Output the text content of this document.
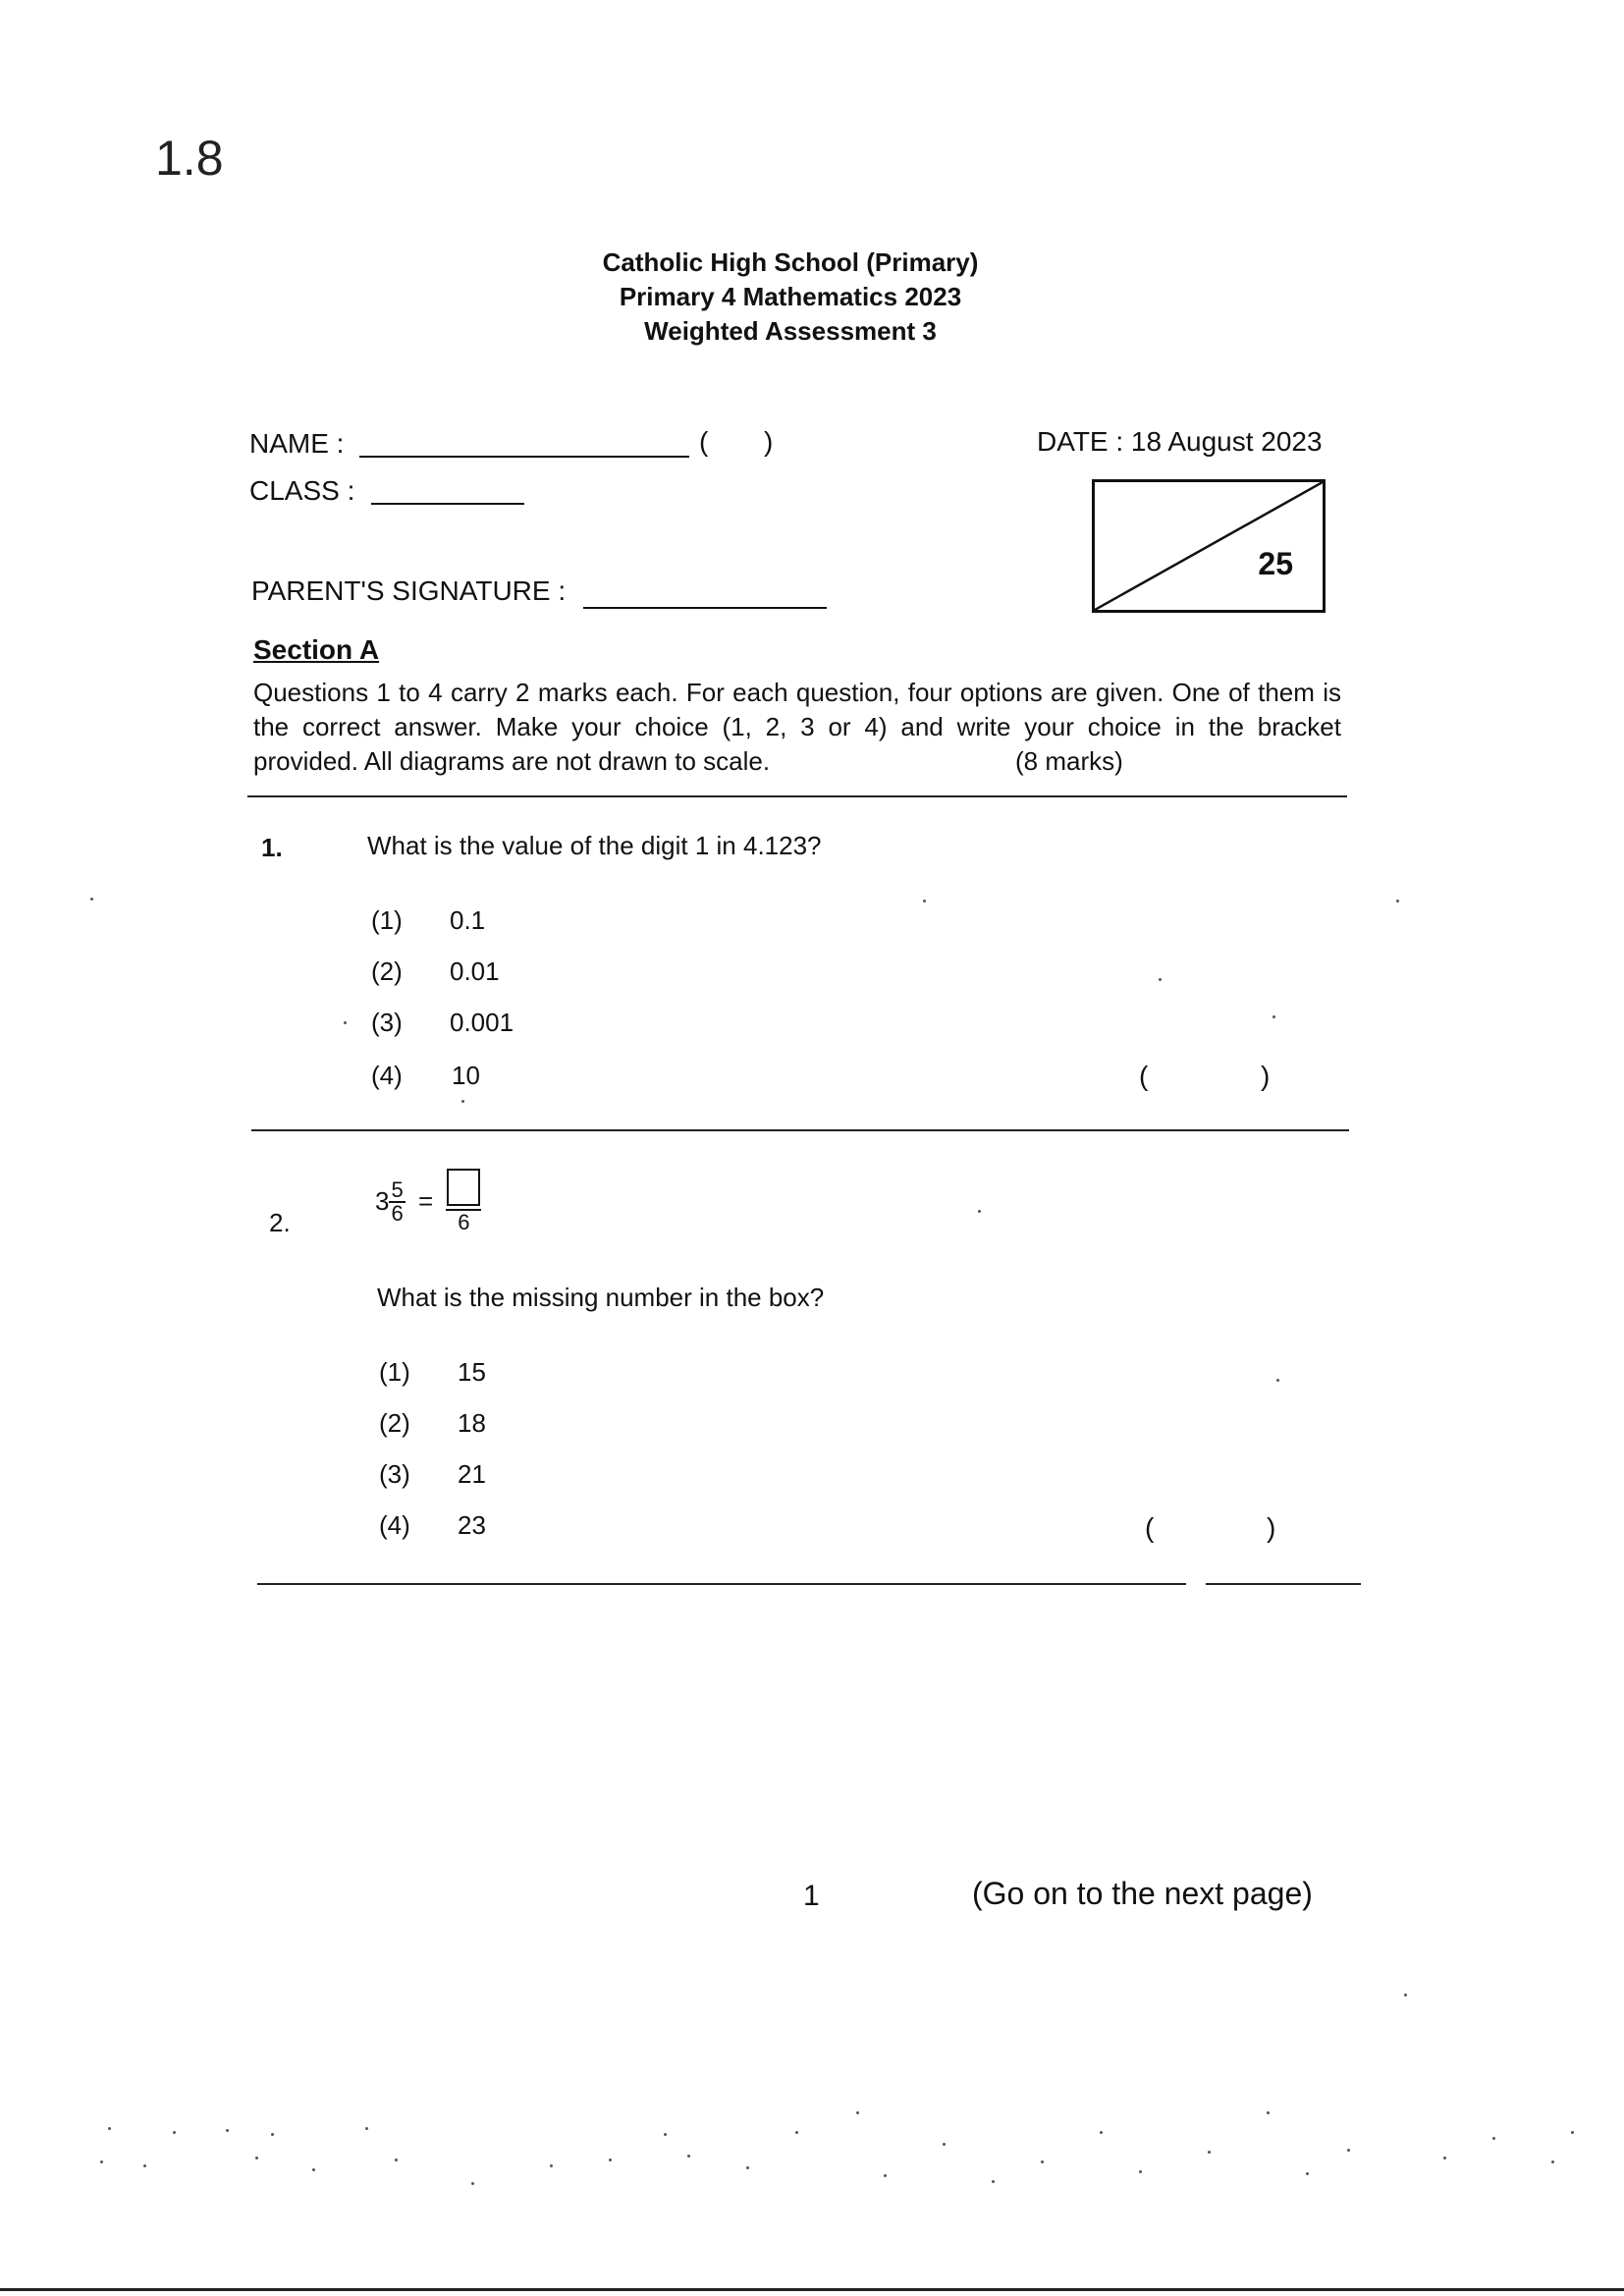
1.8
Catholic High School (Primary)
Primary 4 Mathematics 2023
Weighted Assessment 3
NAME :	( )
CLASS :
PARENT'S SIGNATURE :
DATE : 18 August 2023
25
Section A
Questions 1 to 4 carry 2 marks each. For each question, four options are given. One of them is the correct answer. Make your choice (1, 2, 3 or 4) and write your choice in the bracket provided. All diagrams are not drawn to scale.	(8 marks)
1.	What is the value of the digit 1 in 4.123?
(1) 0.1
(2) 0.01
(3) 0.001
(4) 10	(	)
2.
$3 \frac{5}{6}$ =
6
What is the missing number in the box?
(1) 15
(2) 18
(3) 21
(4) 23	(	)
1	(Go on to the next page)
